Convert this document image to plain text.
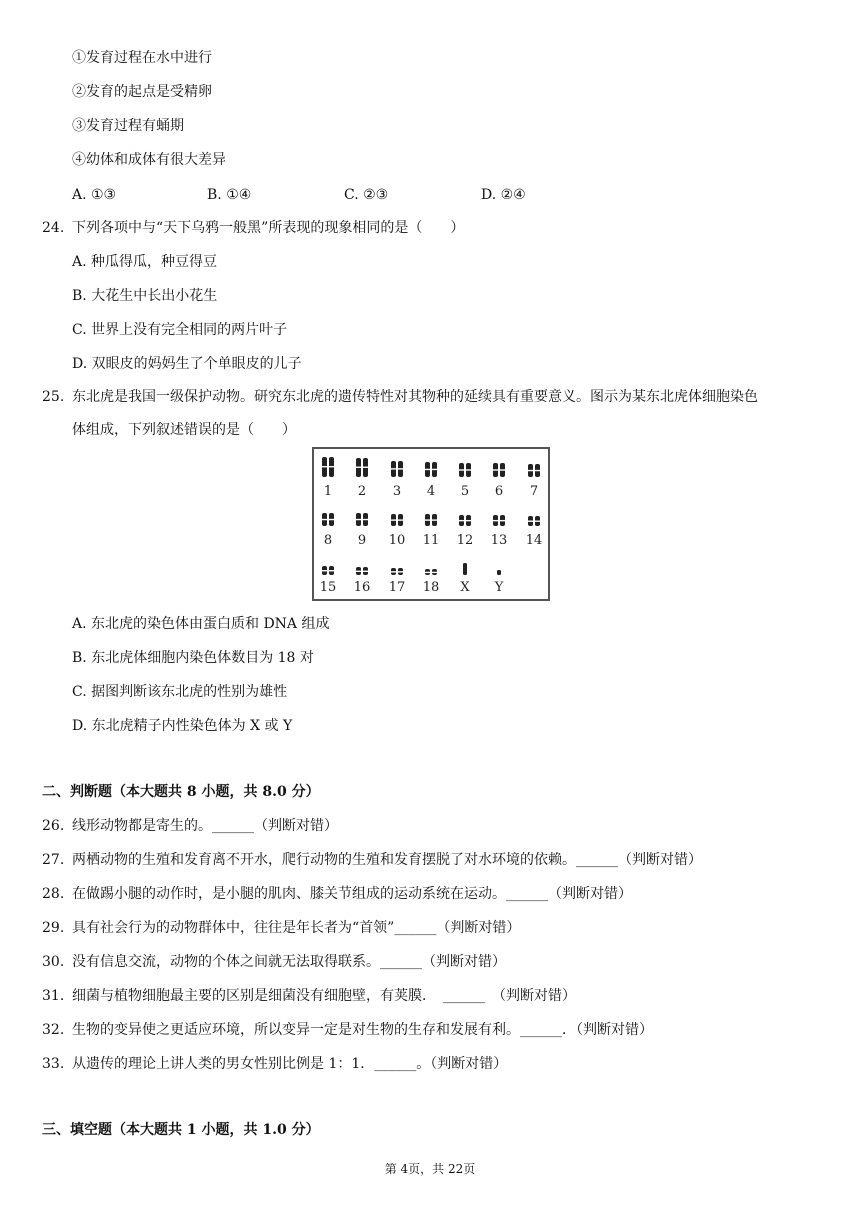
①发育过程在水中进行
②发育的起点是受精卵
③发育过程有蛹期
④幼体和成体有很大差异
A. ①③	B. ①④	C. ②③	D. ②④
24. 下列各项中与“天下乌鸦一般黑”所表现的现象相同的是（　　）
A. 种瓜得瓜，种豆得豆
B. 大花生中长出小花生
C. 世界上没有完全相同的两片叶子
D. 双眼皮的妈妈生了个单眼皮的儿子
25. 东北虎是我国一级保护动物。研究东北虎的遗传特性对其物种的延续具有重要意义。图示为某东北虎体细胞染色
体组成，下列叙述错误的是（　　）
1 2 3 4 5 6 7
8 9 10 11 12 13 14
15 16 17 18 X Y
A. 东北虎的染色体由蛋白质和 DNA 组成
B. 东北虎体细胞内染色体数目为 18 对
C. 据图判断该东北虎的性别为雄性
D. 东北虎精子内性染色体为 X 或 Y
二、判断题（本大题共 8 小题，共 8.0 分）
26. 线形动物都是寄生的。______（判断对错）
27. 两栖动物的生殖和发育离不开水，爬行动物的生殖和发育摆脱了对水环境的依赖。______（判断对错）
28. 在做踢小腿的动作时，是小腿的肌肉、膝关节组成的运动系统在运动。______（判断对错）
29. 具有社会行为的动物群体中，往往是年长者为“首领”______（判断对错）
30. 没有信息交流，动物的个体之间就无法取得联系。______（判断对错）
31. 细菌与植物细胞最主要的区别是细菌没有细胞壁，有荚膜．　______　（判断对错）
32. 生物的变异使之更适应环境，所以变异一定是对生物的生存和发展有利。______．（判断对错）
33. 从遗传的理论上讲人类的男女性别比例是 1：1．______。（判断对错）
三、填空题（本大题共 1 小题，共 1.0 分）
第 4页，共 22页
